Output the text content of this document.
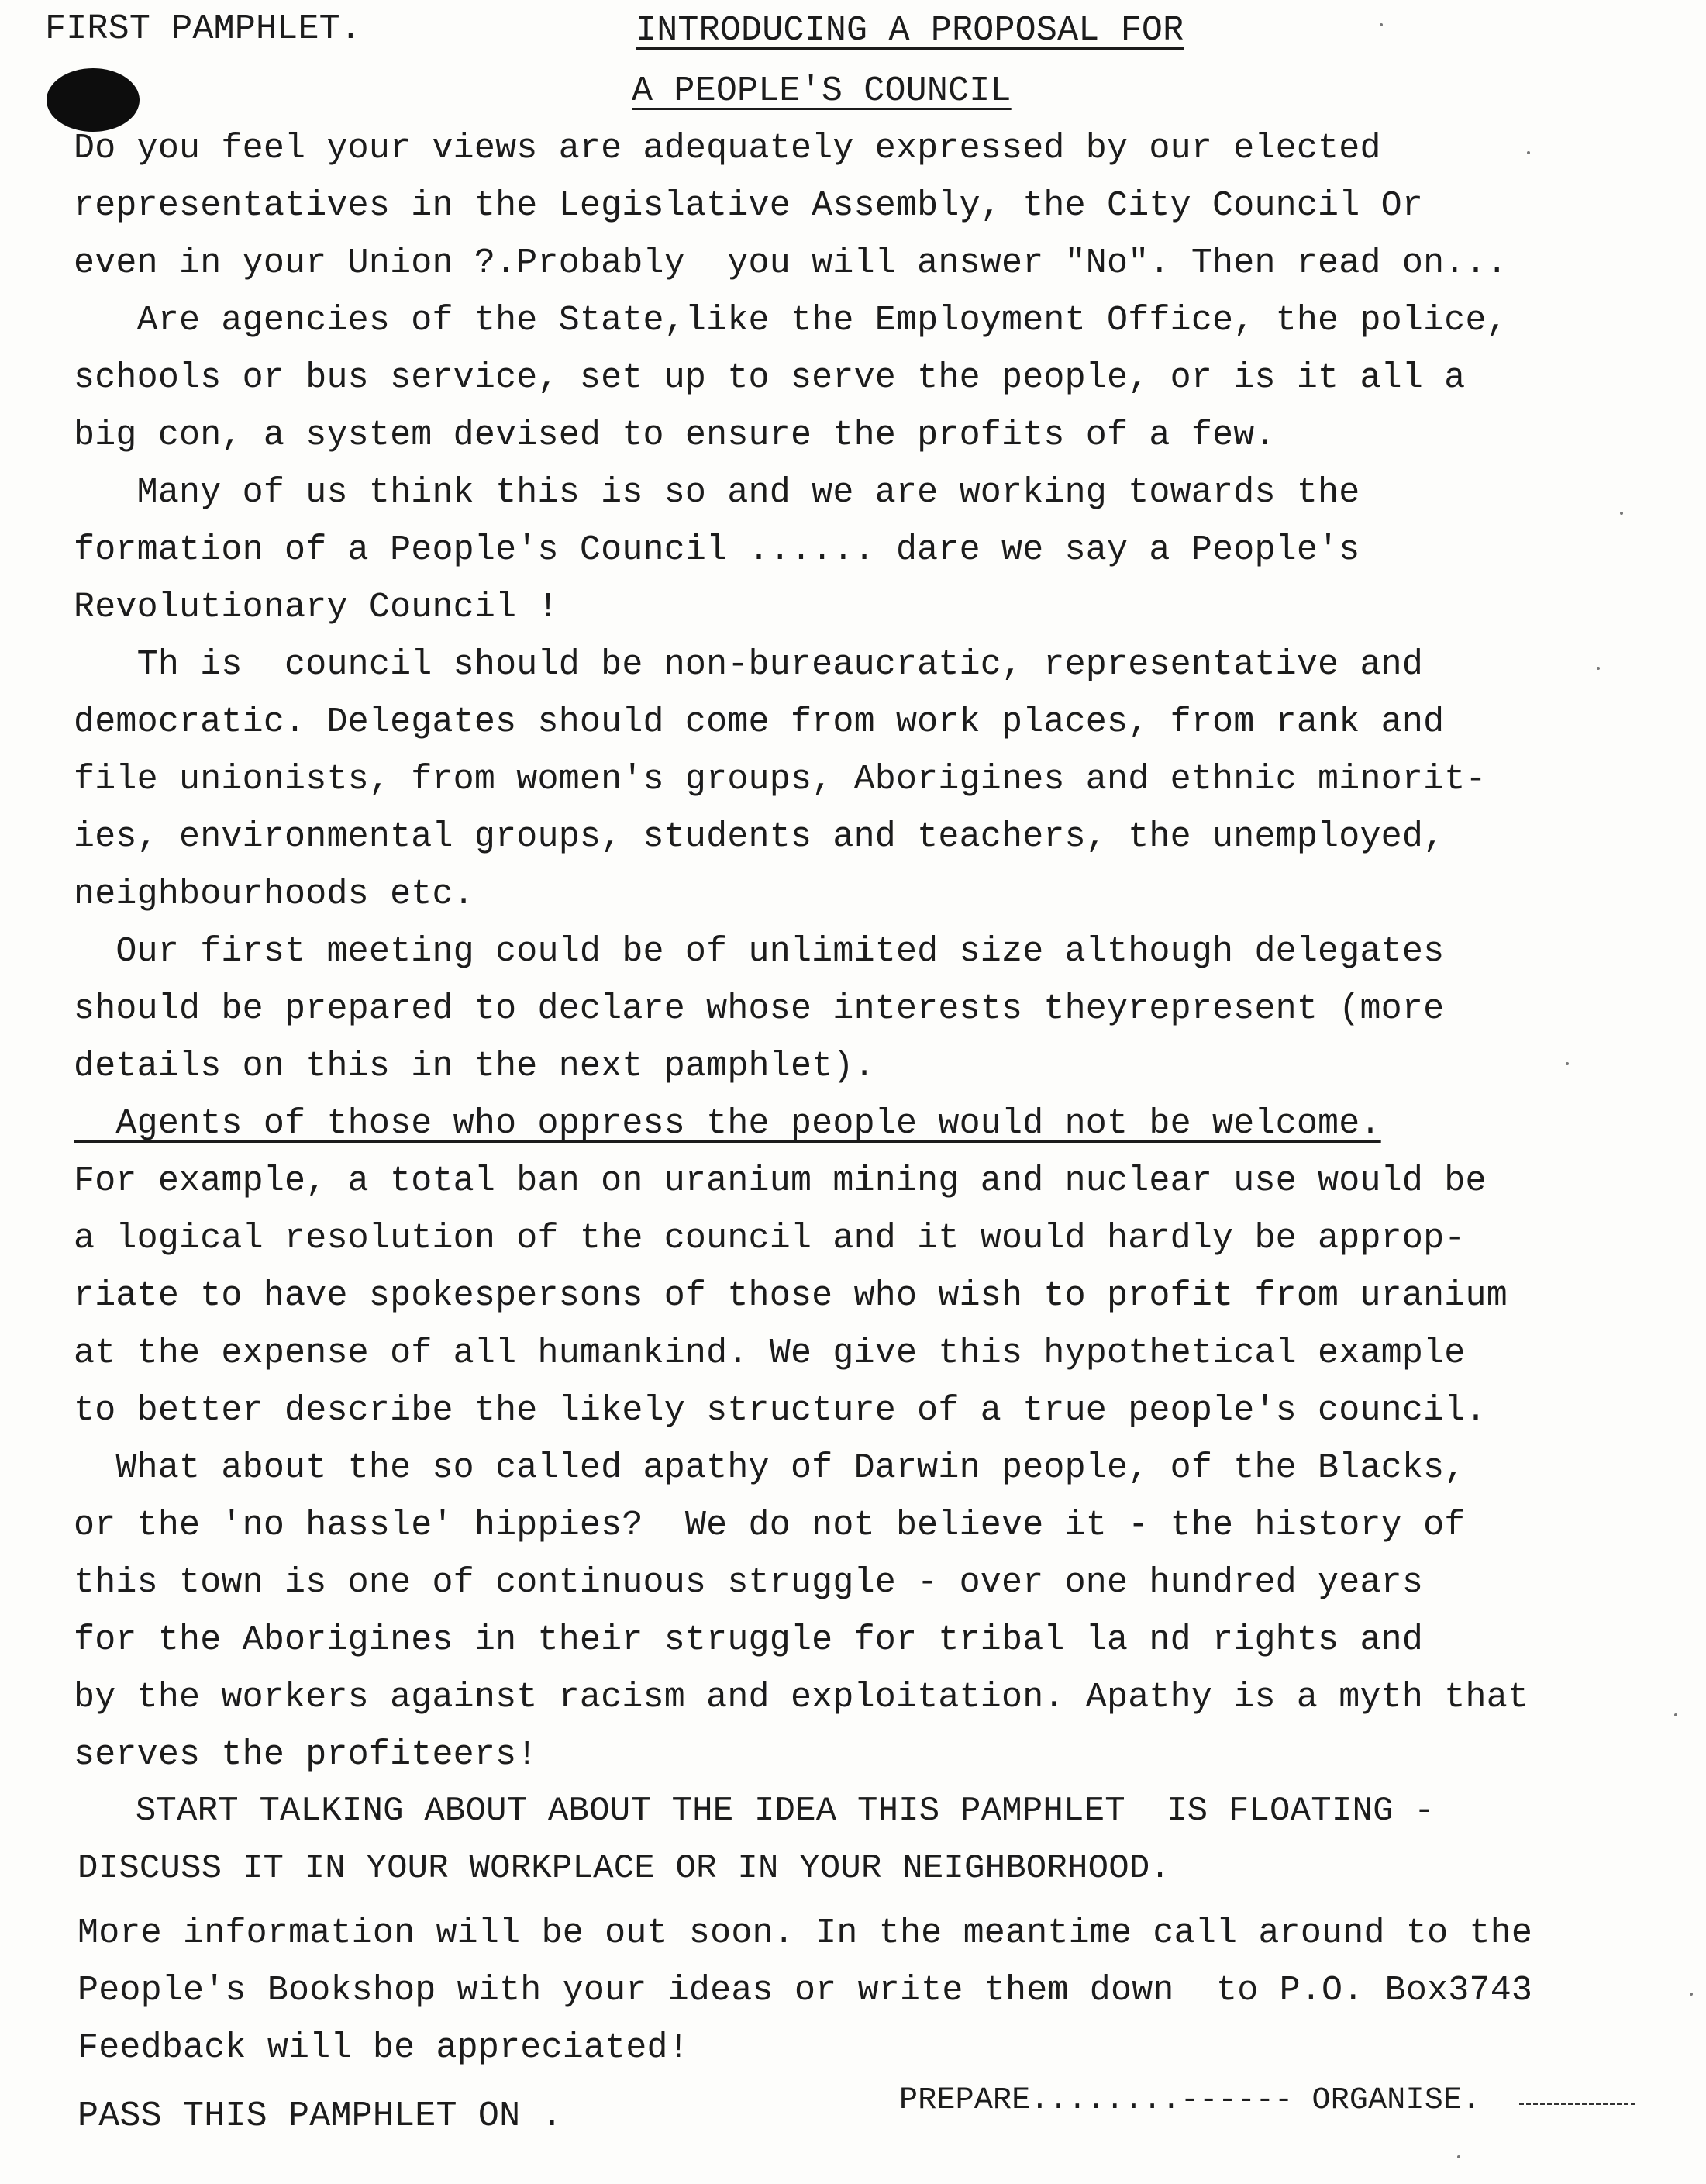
FIRST PAMPHLET.	INTRODUCING A PROPOSAL FOR
A PEOPLE'S COUNCIL
Do you feel your views are adequately expressed by our elected
representatives in the Legislative Assembly, the City Council Or
even in your Union ?.Probably  you will answer "No". Then read on...
Are agencies of the State,like the Employment Office, the police,
schools or bus service, set up to serve the people, or is it all a
big con, a system devised to ensure the profits of a few.
Many of us think this is so and we are working towards the
formation of a People's Council ...... dare we say a People's
Revolutionary Council !
Th is  council should be non-bureaucratic, representative and
democratic. Delegates should come from work places, from rank and
file unionists, from women's groups, Aborigines and ethnic minorit-
ies, environmental groups, students and teachers, the unemployed,
neighbourhoods etc.
Our first meeting could be of unlimited size although delegates
should be prepared to declare whose interests theyrepresent (more
details on this in the next pamphlet).
Agents of those who oppress the people would not be welcome.
For example, a total ban on uranium mining and nuclear use would be
a logical resolution of the council and it would hardly be approp-
riate to have spokespersons of those who wish to profit from uranium
at the expense of all humankind. We give this hypothetical example
to better describe the likely structure of a true people's council.
What about the so called apathy of Darwin people, of the Blacks,
or the 'no hassle' hippies?  We do not believe it - the history of
this town is one of continuous struggle - over one hundred years
for the Aborigines in their struggle for tribal la nd rights and
by the workers against racism and exploitation. Apathy is a myth that
serves the profiteers!
START TALKING ABOUT ABOUT THE IDEA THIS PAMPHLET  IS FLOATING -
DISCUSS IT IN YOUR WORKPLACE OR IN YOUR NEIGHBORHOOD.
More information will be out soon. In the meantime call around to the
People's Bookshop with your ideas or write them down  to P.O. Box3743
Feedback will be appreciated!
PASS THIS PAMPHLET ON .	PREPARE........------ ORGANISE.
